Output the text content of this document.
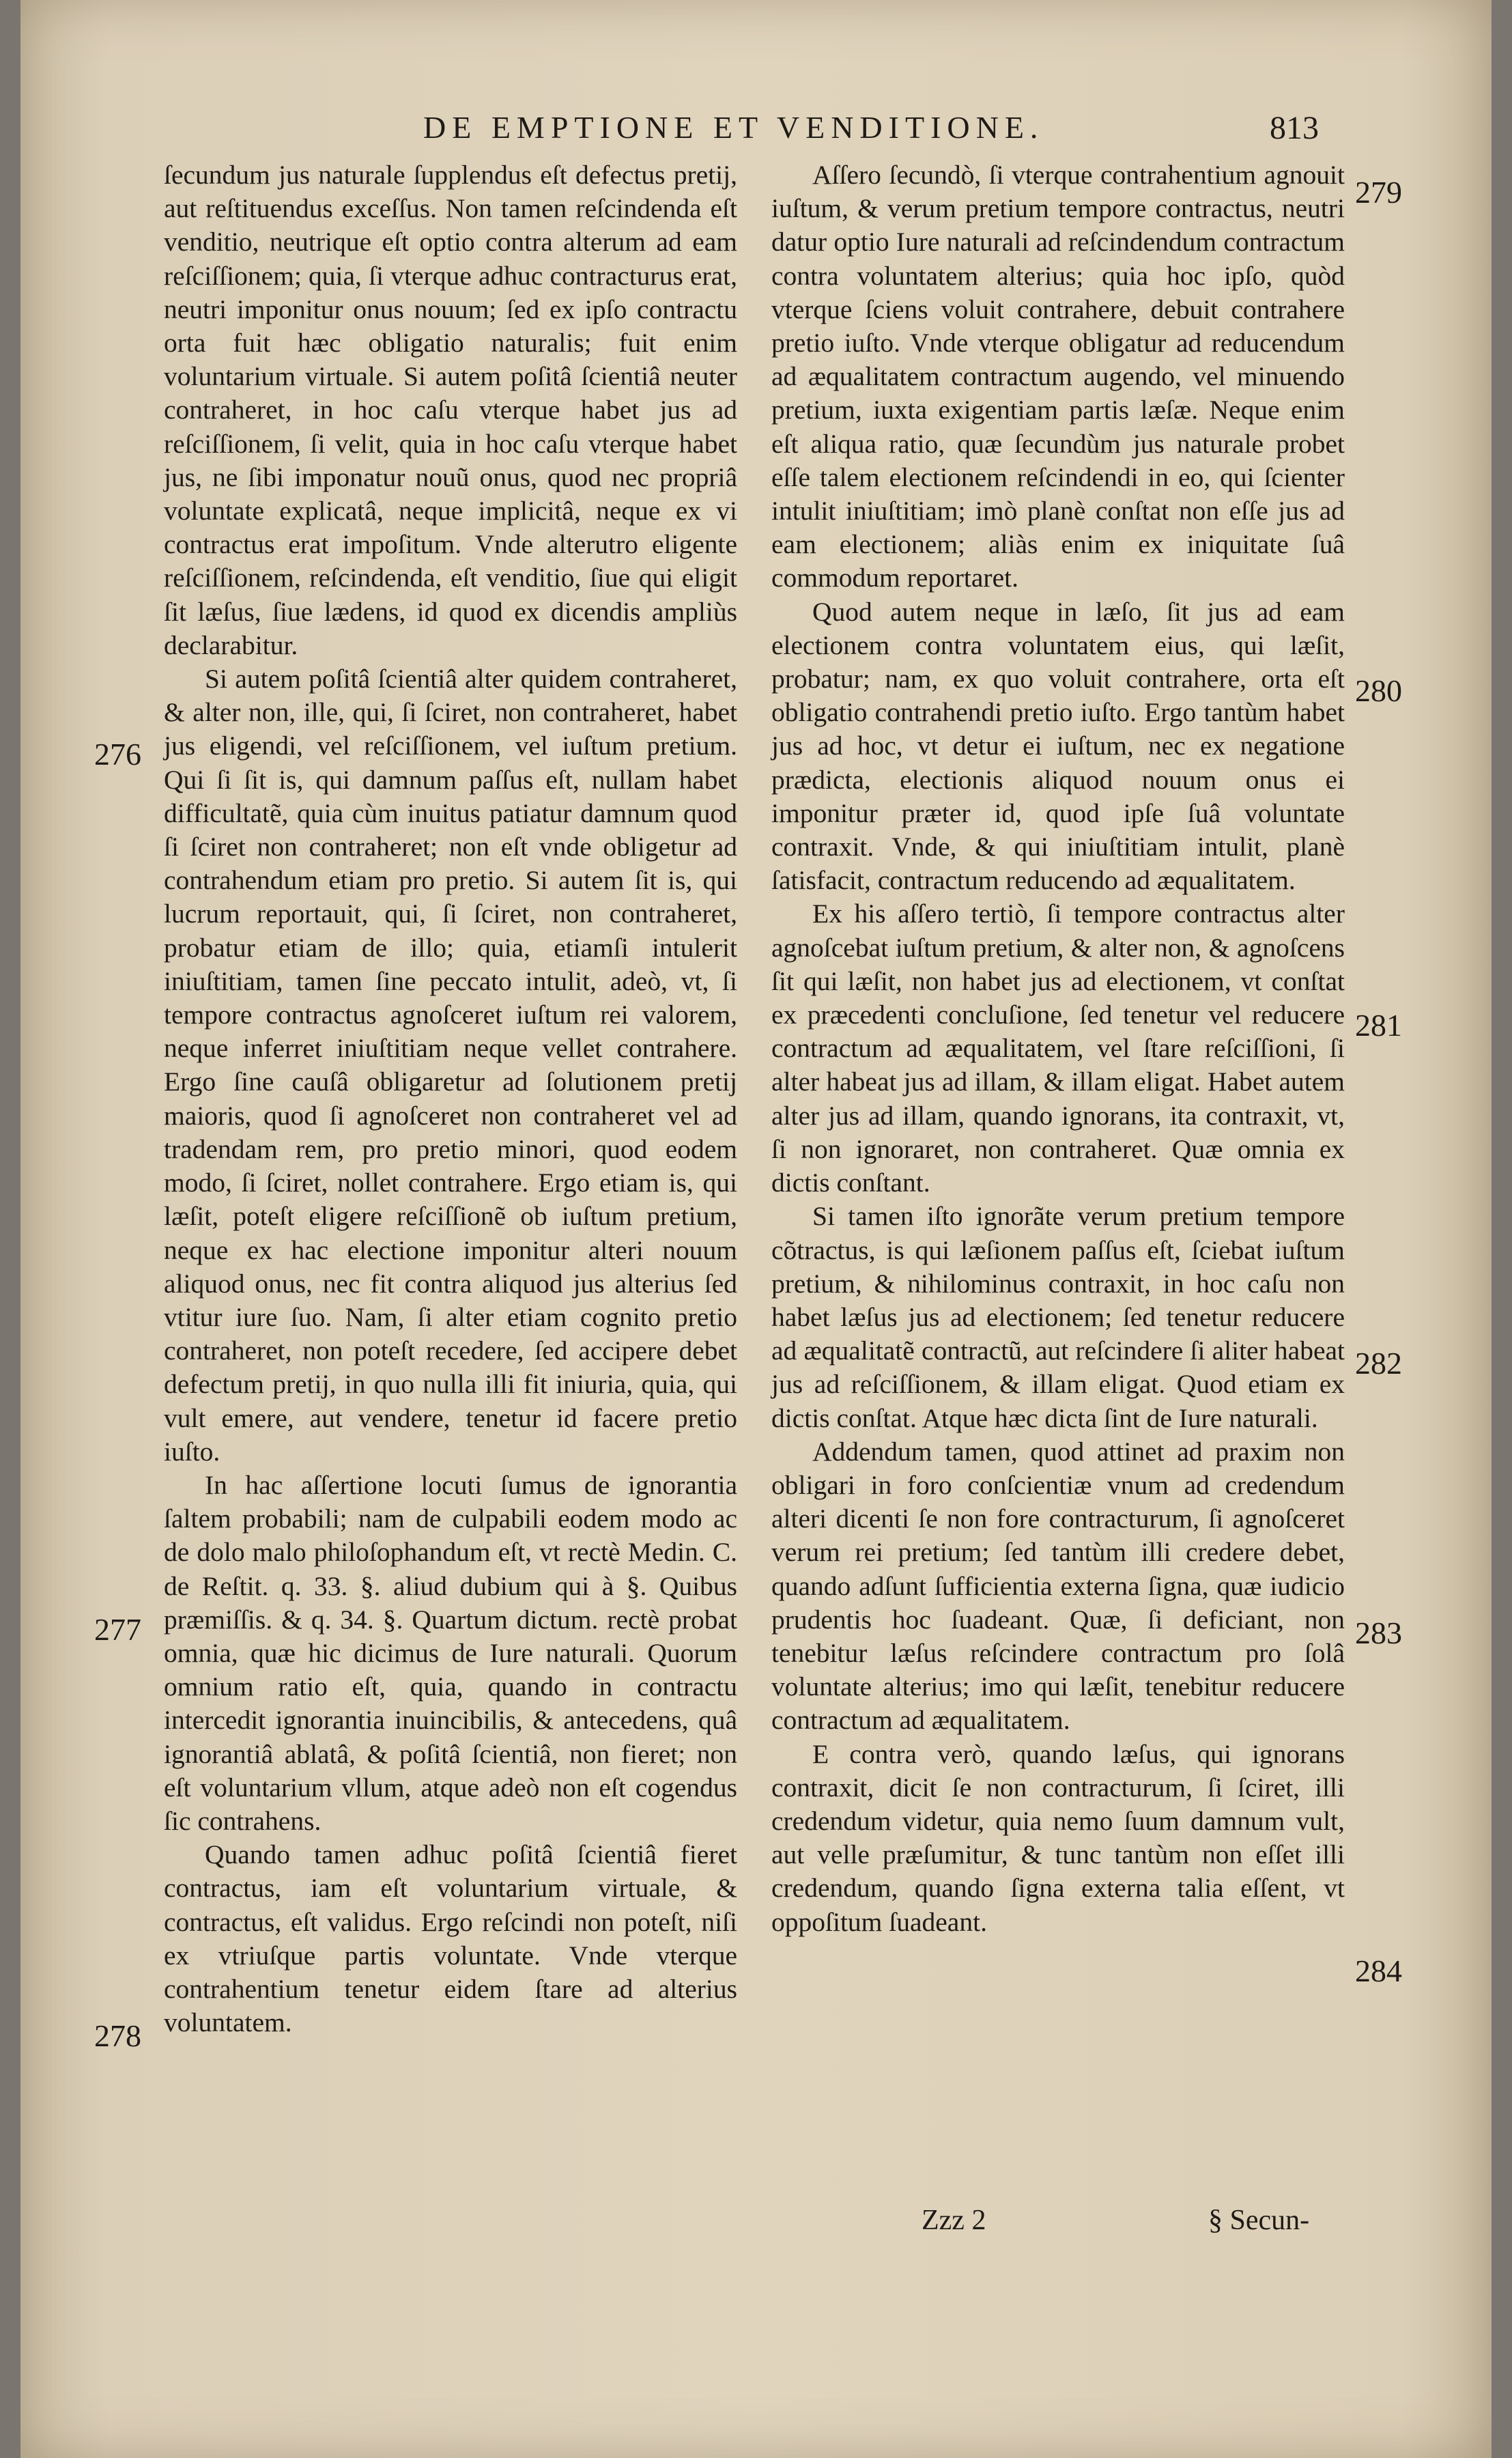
DE EMPTIONE ET VENDITIONE.	813

ſecundum jus naturale ſupplendus eſt defectus pretij, aut reſtituendus exceſſus. Non tamen reſcindenda eſt venditio, neutrique eſt optio contra alterum ad eam reſciſſionem; quia, ſi vterque adhuc contracturus erat, neutri imponitur onus nouum; ſed ex ipſo contractu orta fuit hæc obligatio naturalis; fuit enim voluntarium virtuale. Si autem poſitâ ſcientiâ neuter contraheret, in hoc caſu vterque habet jus ad reſciſſionem, ſi velit, quia in hoc caſu vterque habet jus, ne ſibi imponatur nouũ onus, quod nec propriâ voluntate explicatâ, neque implicitâ, neque ex vi contractus erat impoſitum. Vnde alterutro eligente reſciſſionem, reſcindenda, eſt venditio, ſiue qui eligit ſit læſus, ſiue lædens, id quod ex dicendis ampliùs declarabitur.

Si autem poſitâ ſcientiâ alter quidem contraheret, & alter non, ille, qui, ſi ſciret, non contraheret, habet jus eligendi, vel reſciſſionem, vel iuſtum pretium. Qui ſi ſit is, qui damnum paſſus eſt, nullam habet difficultatẽ, quia cùm inuitus patiatur damnum quod ſi ſciret non contraheret; non eſt vnde obligetur ad contrahendum etiam pro pretio. Si autem ſit is, qui lucrum reportauit, qui, ſi ſciret, non contraheret, probatur etiam de illo; quia, etiamſi intulerit iniuſtitiam, tamen ſine peccato intulit, adeò, vt, ſi tempore contractus agnoſceret iuſtum rei valorem, neque inferret iniuſtitiam neque vellet contrahere. Ergo ſine cauſâ obligaretur ad ſolutionem pretij maioris, quod ſi agnoſceret non contraheret vel ad tradendam rem, pro pretio minori, quod eodem modo, ſi ſciret, nollet contrahere. Ergo etiam is, qui læſit, poteſt eligere reſciſſionẽ ob iuſtum pretium, neque ex hac electione imponitur alteri nouum aliquod onus, nec fit contra aliquod jus alterius ſed vtitur iure ſuo. Nam, ſi alter etiam cognito pretio contraheret, non poteſt recedere, ſed accipere debet defectum pretij, in quo nulla illi fit iniuria, quia, qui vult emere, aut vendere, tenetur id facere pretio iuſto.

In hac aſſertione locuti ſumus de ignorantia ſaltem probabili; nam de culpabili eodem modo ac de dolo malo philoſophandum eſt, vt rectè Medin. C. de Reſtit. q. 33. §. aliud dubium qui à §. Quibus præmiſſis. & q. 34. §. Quartum dictum. rectè probat omnia, quæ hic dicimus de Iure naturali. Quorum omnium ratio eſt, quia, quando in contractu intercedit ignorantia inuincibilis, & antecedens, quâ ignorantiâ ablatâ, & poſitâ ſcientiâ, non fieret; non eſt voluntarium vllum, atque adeò non eſt cogendus ſic contrahens.

Quando tamen adhuc poſitâ ſcientiâ fieret contractus, iam eſt voluntarium virtuale, & contractus, eſt validus. Ergo reſcindi non poteſt, niſi ex vtriuſque partis voluntate. Vnde vterque contrahentium tenetur eidem ſtare ad alterius voluntatem.

Aſſero ſecundò, ſi vterque contrahentium agnouit iuſtum, & verum pretium tempore contractus, neutri datur optio Iure naturali ad reſcindendum contractum contra voluntatem alterius; quia hoc ipſo, quòd vterque ſciens voluit contrahere, debuit contrahere pretio iuſto. Vnde vterque obligatur ad reducendum ad æqualitatem contractum augendo, vel minuendo pretium, iuxta exigentiam partis læſæ. Neque enim eſt aliqua ratio, quæ ſecundùm jus naturale probet eſſe talem electionem reſcindendi in eo, qui ſcienter intulit iniuſtitiam; imò planè conſtat non eſſe jus ad eam electionem; aliàs enim ex iniquitate ſuâ commodum reportaret.

Quod autem neque in læſo, ſit jus ad eam electionem contra voluntatem eius, qui læſit, probatur; nam, ex quo voluit contrahere, orta eſt obligatio contrahendi pretio iuſto. Ergo tantùm habet jus ad hoc, vt detur ei iuſtum, nec ex negatione prædicta, electionis aliquod nouum onus ei imponitur præter id, quod ipſe ſuâ voluntate contraxit. Vnde, & qui iniuſtitiam intulit, planè ſatisfacit, contractum reducendo ad æqualitatem.

Ex his aſſero tertiò, ſi tempore contractus alter agnoſcebat iuſtum pretium, & alter non, & agnoſcens ſit qui læſit, non habet jus ad electionem, vt conſtat ex præcedenti concluſione, ſed tenetur vel reducere contractum ad æqualitatem, vel ſtare reſciſſioni, ſi alter habeat jus ad illam, & illam eligat. Habet autem alter jus ad illam, quando ignorans, ita contraxit, vt, ſi non ignoraret, non contraheret. Quæ omnia ex dictis conſtant.

Si tamen iſto ignorãte verum pretium tempore cõtractus, is qui læſionem paſſus eſt, ſciebat iuſtum pretium, & nihilominus contraxit, in hoc caſu non habet læſus jus ad electionem; ſed tenetur reducere ad æqualitatẽ contractũ, aut reſcindere ſi aliter habeat jus ad reſciſſionem, & illam eligat. Quod etiam ex dictis conſtat. Atque hæc dicta ſint de Iure naturali.

Addendum tamen, quod attinet ad praxim non obligari in foro conſcientiæ vnum ad credendum alteri dicenti ſe non fore contracturum, ſi agnoſceret verum rei pretium; ſed tantùm illi credere debet, quando adſunt ſufficientia externa ſigna, quæ iudicio prudentis hoc ſuadeant. Quæ, ſi deficiant, non tenebitur læſus reſcindere contractum pro ſolâ voluntate alterius; imo qui læſit, tenebitur reducere contractum ad æqualitatem.

E contra verò, quando læſus, qui ignorans contraxit, dicit ſe non contracturum, ſi ſciret, illi credendum videtur, quia nemo ſuum damnum vult, aut velle præſumitur, & tunc tantùm non eſſet illi credendum, quando ſigna externa talia eſſent, vt oppoſitum ſuadeant.

276
277
278
279
280
281
282
283
284
Zzz 2	§ Secun-
